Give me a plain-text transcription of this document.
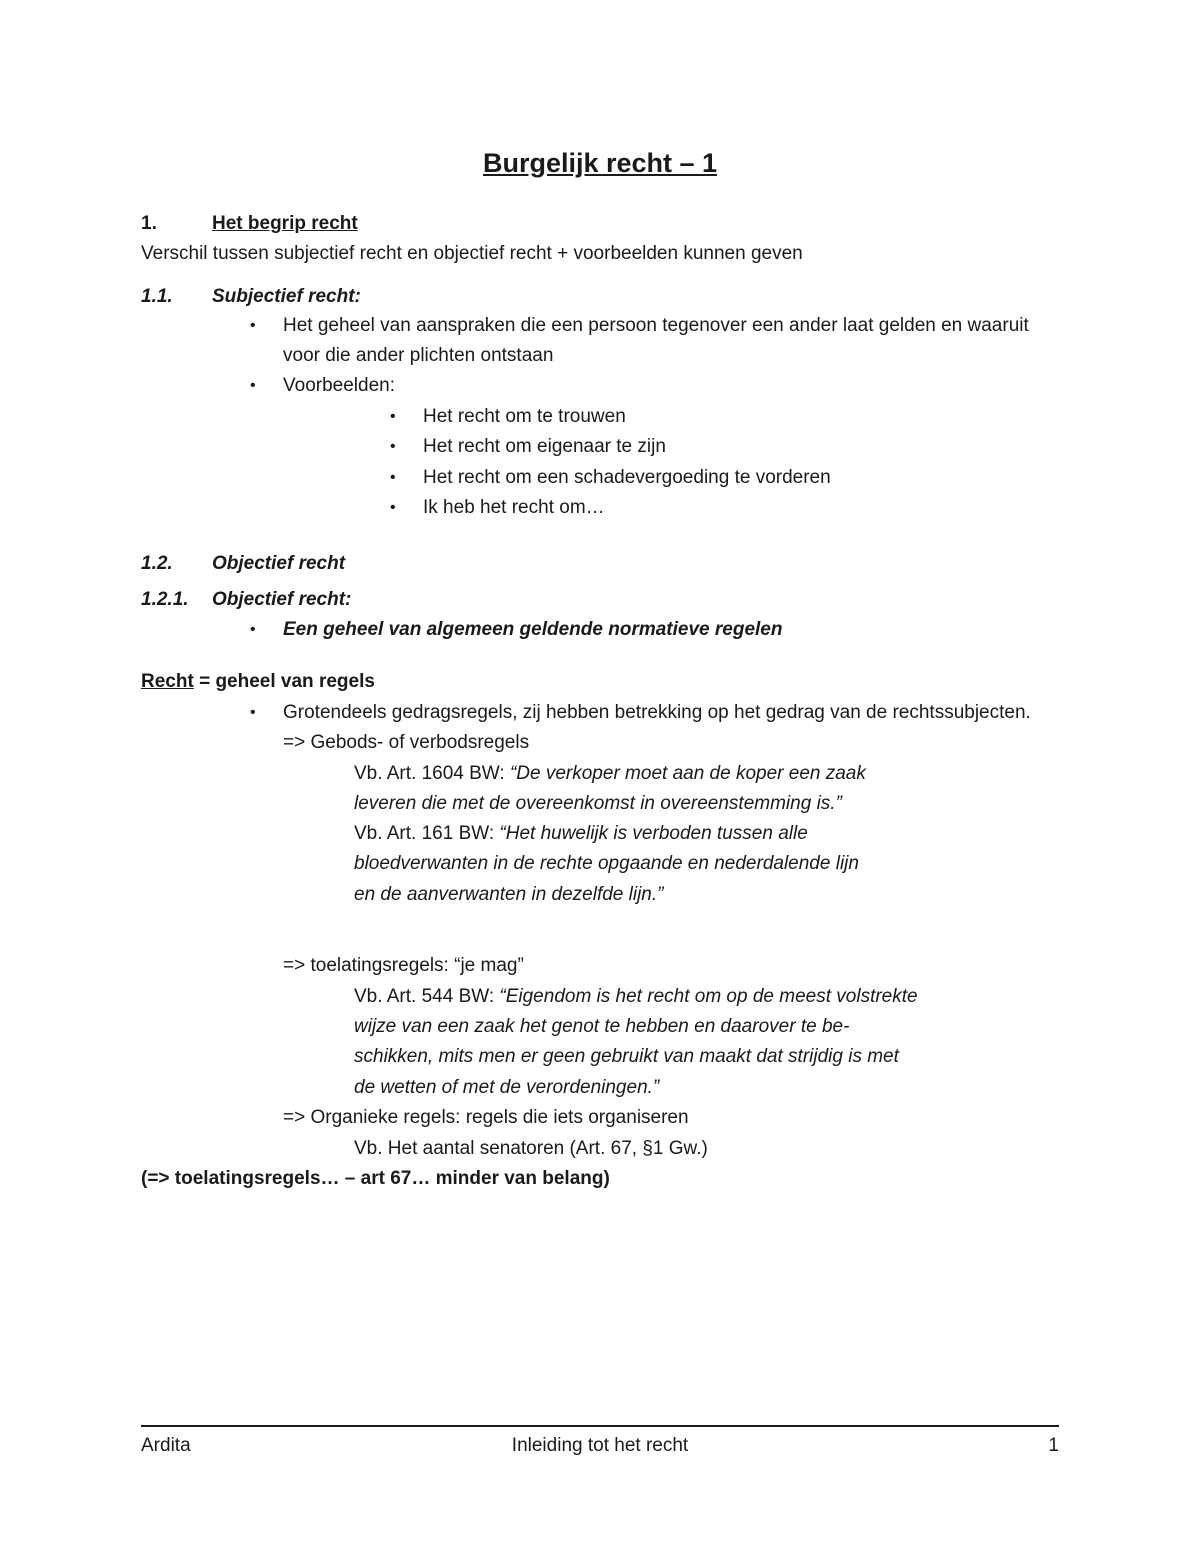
Burgelijk recht – 1
1.	Het begrip recht
Verschil tussen subjectief recht en objectief recht + voorbeelden kunnen geven
1.1. Subjectief recht:
• Het geheel van aanspraken die een persoon tegenover een ander laat gelden en waaruit
voor die ander plichten ontstaan
• Voorbeelden:
• Het recht om te trouwen
• Het recht om eigenaar te zijn
• Het recht om een schadevergoeding te vorderen
• Ik heb het recht om…
1.2. Objectief recht
1.2.1. Objectief recht:
• Een geheel van algemeen geldende normatieve regelen
Recht = geheel van regels
• Grotendeels gedragsregels, zij hebben betrekking op het gedrag van de rechtssubjecten.
=> Gebods- of verbodsregels
Vb. Art. 1604 BW: “De verkoper moet aan de koper een zaak
leveren die met de overeenkomst in overeenstemming is.”
Vb. Art. 161 BW: “Het huwelijk is verboden tussen alle
bloedverwanten in de rechte opgaande en nederdalende lijn
en de aanverwanten in dezelfde lijn.”
=> toelatingsregels: “je mag”
Vb. Art. 544 BW: “Eigendom is het recht om op de meest volstrekte
wijze van een zaak het genot te hebben en daarover te be-
schikken, mits men er geen gebruikt van maakt dat strijdig is met
de wetten of met de verordeningen.”
=> Organieke regels: regels die iets organiseren
Vb. Het aantal senatoren (Art. 67, §1 Gw.)
(=> toelatingsregels… – art 67… minder van belang)
Ardita	Inleiding tot het recht	1
